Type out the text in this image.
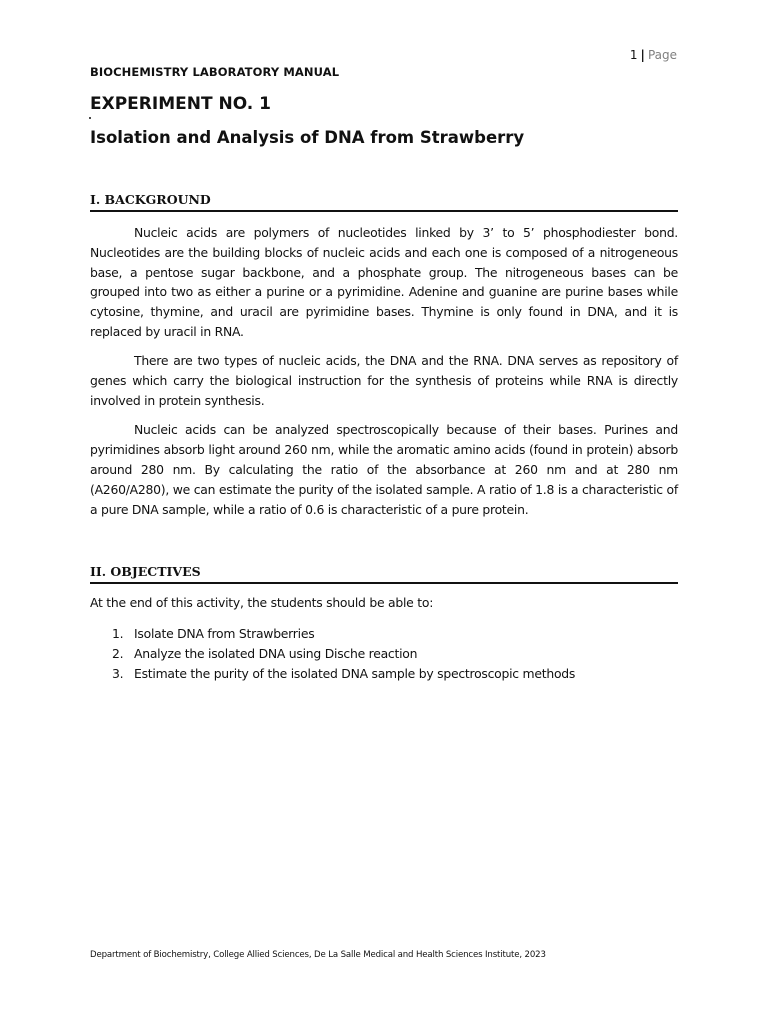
1 | Page
BIOCHEMISTRY LABORATORY MANUAL
EXPERIMENT NO. 1
Isolation and Analysis of DNA from Strawberry
I. BACKGROUND

Nucleic acids are polymers of nucleotides linked by 3’ to 5’ phosphodiester bond. Nucleotides are the building blocks of nucleic acids and each one is composed of a nitrogeneous base, a pentose sugar backbone, and a phosphate group. The nitrogeneous bases can be grouped into two as either a purine or a pyrimidine. Adenine and guanine are purine bases while cytosine, thymine, and uracil are pyrimidine bases. Thymine is only found in DNA, and it is replaced by uracil in RNA.

There are two types of nucleic acids, the DNA and the RNA. DNA serves as repository of genes which carry the biological instruction for the synthesis of proteins while RNA is directly involved in protein synthesis.

Nucleic acids can be analyzed spectroscopically because of their bases. Purines and pyrimidines absorb light around 260 nm, while the aromatic amino acids (found in protein) absorb around 280 nm. By calculating the ratio of the absorbance at 260 nm and at 280 nm (A260/A280), we can estimate the purity of the isolated sample. A ratio of 1.8 is a characteristic of a pure DNA sample, while a ratio of 0.6 is characteristic of a pure protein.

II. OBJECTIVES
At the end of this activity, the students should be able to:
1. Isolate DNA from Strawberries
2. Analyze the isolated DNA using Dische reaction
3. Estimate the purity of the isolated DNA sample by spectroscopic methods
Department of Biochemistry, College Allied Sciences, De La Salle Medical and Health Sciences Institute, 2023
